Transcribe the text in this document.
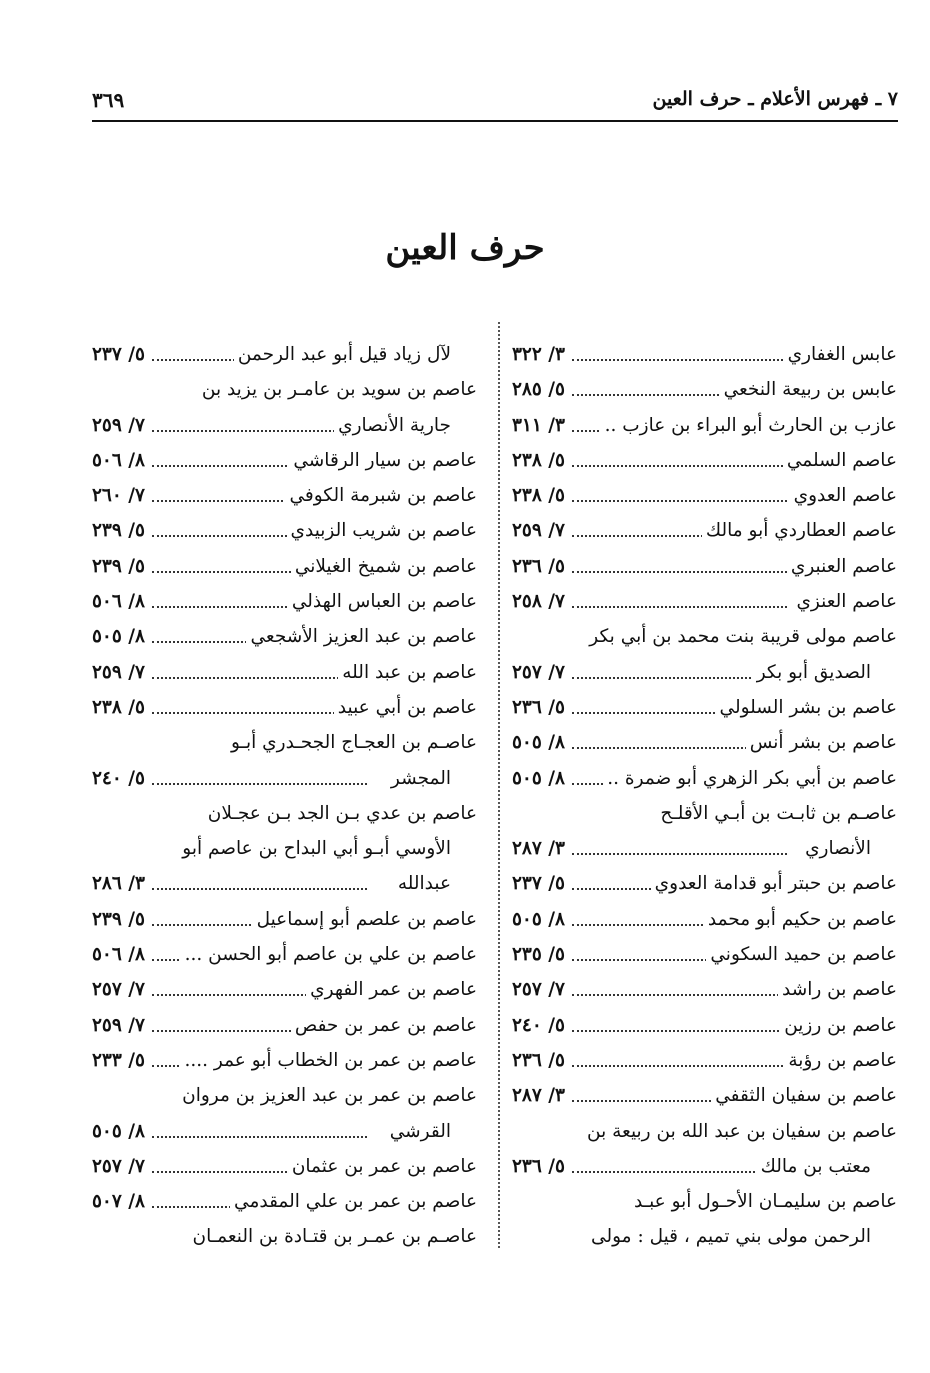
٧ ـ فهرس الأعلام ـ حرف العين
٣٦٩
حرف العين
عابس الغفاري
٣/ ٣٢٢
عابس بن ربيعة النخعي
٥/ ٢٨٥
عازب بن الحارث أبو البراء بن عازب ..
٣/ ٣١١
عاصم السلمي
٥/ ٢٣٨
عاصم العدوي
٥/ ٢٣٨
عاصم العطاردي أبو مالك
٧/ ٢٥٩
عاصم العنبري
٥/ ٢٣٦
عاصم العنزي
٧/ ٢٥٨
عاصم مولى قريبة بنت محمد بن أبي بكر
الصديق أبو بكر
٧/ ٢٥٧
عاصم بن بشر السلولي
٥/ ٢٣٦
عاصم بن بشر أنس
٨/ ٥٠٥
عاصم بن أبي بكر الزهري أبو ضمرة ..
٨/ ٥٠٥
عاصـم بن ثابـت بن أبـي الأقلـح
الأنصاري
٣/ ٢٨٧
عاصم بن حبتر أبو قدامة العدوي
٥/ ٢٣٧
عاصم بن حكيم أبو محمد
٨/ ٥٠٥
عاصم بن حميد السكوني
٥/ ٢٣٥
عاصم بن راشد
٧/ ٢٥٧
عاصم بن رزين
٥/ ٢٤٠
عاصم بن رؤبة
٥/ ٢٣٦
عاصم بن سفيان الثقفي
٣/ ٢٨٧
عاصم بن سفيان بن عبد الله بن ربيعة بن
معتب بن مالك
٥/ ٢٣٦
عاصم بن سليمـان الأحـول أبو عبـد
الرحمن مولى بني تميم ، قيل : مولى
لآل زياد قيل أبو عبد الرحمن
٥/ ٢٣٧
عاصم بن سويد بن عامـر بن يزيد بن
جارية الأنصاري
٧/ ٢٥٩
عاصم بن سيار الرقاشي
٨/ ٥٠٦
عاصم بن شبرمة الكوفي
٧/ ٢٦٠
عاصم بن شريب الزبيدي
٥/ ٢٣٩
عاصم بن شميخ الغيلاني
٥/ ٢٣٩
عاصم بن العباس الهذلي
٨/ ٥٠٦
عاصم بن عبد العزيز الأشجعي
٨/ ٥٠٥
عاصم بن عبد الله
٧/ ٢٥٩
عاصم بن أبي عبيد
٥/ ٢٣٨
عاصـم بن العجـاج الجحـدري أبـو
المجشر
٥/ ٢٤٠
عاصم بن عدي بـن الجد بـن عجـلان
الأوسي أبـو أبي البداح بن عاصم أبو
عبدالله
٣/ ٢٨٦
عاصم بن علصم أبو إسماعيل
٥/ ٢٣٩
عاصم بن علي بن عاصم أبو الحسن ...
٨/ ٥٠٦
عاصم بن عمر الفهري
٧/ ٢٥٧
عاصم بن عمر بن حفص
٧/ ٢٥٩
عاصم بن عمر بن الخطاب أبو عمر ....
٥/ ٢٣٣
عاصم بن عمر بن عبد العزيز بن مروان
القرشي
٨/ ٥٠٥
عاصم بن عمر بن عثمان
٧/ ٢٥٧
عاصم بن عمر بن علي المقدمي
٨/ ٥٠٧
عاصـم بن عمـر بن قتـادة بن النعمـان
